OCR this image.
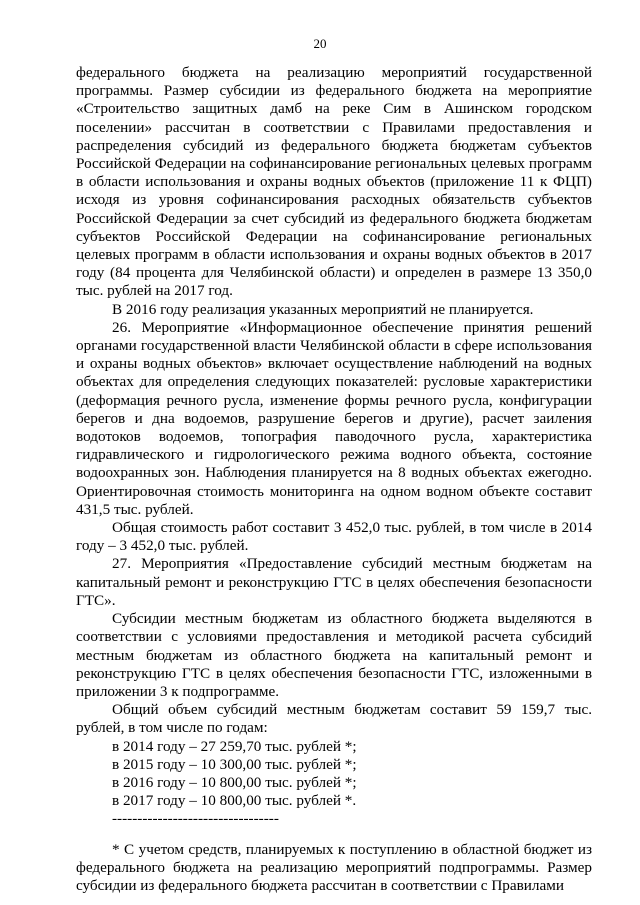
20

федерального бюджета на реализацию мероприятий государственной программы. Размер субсидии из федерального бюджета на мероприятие «Строительство защитных дамб на реке Сим в Ашинском городском поселении» рассчитан в соответствии с Правилами предоставления и распределения субсидий из федерального бюджета бюджетам субъектов Российской Федерации на софинансирование региональных целевых программ в области использования и охраны водных объектов (приложение 11 к ФЦП) исходя из уровня софинансирования расходных обязательств субъектов Российской Федерации за счет субсидий из федерального бюджета бюджетам субъектов Российской Федерации на софинансирование региональных целевых программ в области использования и охраны водных объектов в 2017 году (84 процента для Челябинской области) и определен в размере 13 350,0 тыс. рублей на 2017 год.

В 2016 году реализация указанных мероприятий не планируется.

26. Мероприятие «Информационное обеспечение принятия решений органами государственной власти Челябинской области в сфере использования и охраны водных объектов» включает осуществление наблюдений на водных объектах для определения следующих показателей: русловые характеристики (деформация речного русла, изменение формы речного русла, конфигурации берегов и дна водоемов, разрушение берегов и другие), расчет заиления водотоков водоемов, топография паводочного русла, характеристика гидравлического и гидрологического режима водного объекта, состояние водоохранных зон. Наблюдения планируется на 8 водных объектах ежегодно. Ориентировочная стоимость мониторинга на одном водном объекте составит 431,5 тыс. рублей.

Общая стоимость работ составит 3 452,0 тыс. рублей, в том числе в 2014 году – 3 452,0 тыс. рублей.

27. Мероприятия «Предоставление субсидий местным бюджетам на капитальный ремонт и реконструкцию ГТС в целях обеспечения безопасности ГТС».

Субсидии местным бюджетам из областного бюджета выделяются в соответствии с условиями предоставления и методикой расчета субсидий местным бюджетам из областного бюджета на капитальный ремонт и реконструкцию ГТС в целях обеспечения безопасности ГТС, изложенными в приложении 3 к подпрограмме.

Общий объем субсидий местным бюджетам составит 59 159,7 тыс. рублей, в том числе по годам:

в 2014 году – 27 259,70 тыс. рублей *;
в 2015 году – 10 300,00 тыс. рублей *;
в 2016 году – 10 800,00 тыс. рублей *;
в 2017 году – 10 800,00 тыс. рублей *.
---------------------------------

* С учетом средств, планируемых к поступлению в областной бюджет из федерального бюджета на реализацию мероприятий подпрограммы. Размер субсидии из федерального бюджета рассчитан в соответствии с Правилами
